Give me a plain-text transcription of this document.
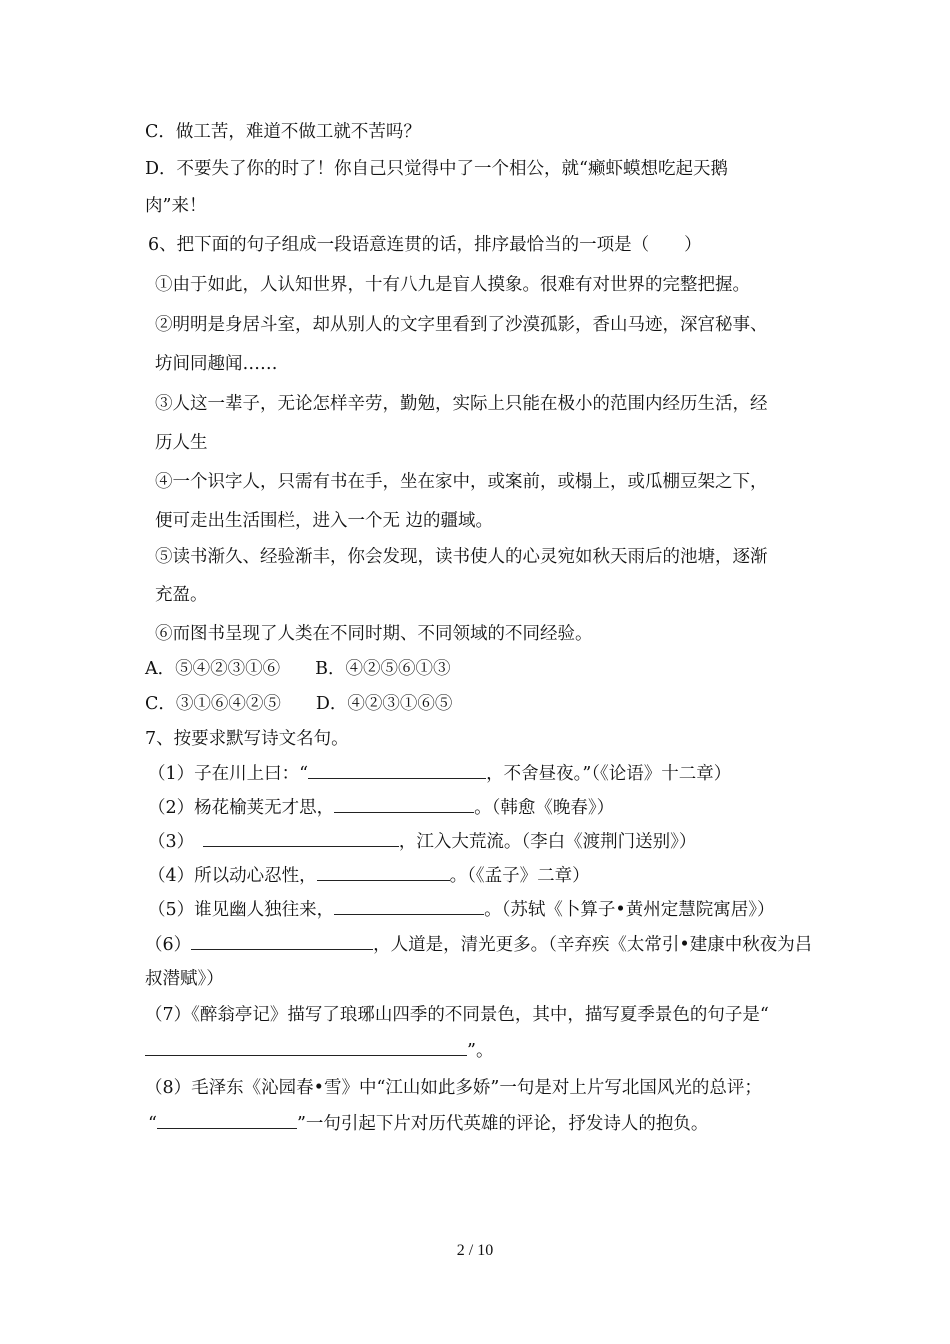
C．做工苦，难道不做工就不苦吗？
D．不要失了你的时了！你自己只觉得中了一个相公，就“癞虾蟆想吃起天鹅
肉”来！
6、把下面的句子组成一段语意连贯的话，排序最恰当的一项是（　　）
①由于如此，人认知世界，十有八九是盲人摸象。很难有对世界的完整把握。
②明明是身居斗室，却从别人的文字里看到了沙漠孤影，香山马迹，深宫秘事、
坊间同趣闻……
③人这一辈子，无论怎样辛劳，勤勉，实际上只能在极小的范围内经历生活，经
历人生
④一个识字人，只需有书在手，坐在家中，或案前，或榻上，或瓜棚豆架之下，
便可走出生活围栏，进入一个无 边的疆域。
⑤读书渐久、经验渐丰，你会发现，读书使人的心灵宛如秋天雨后的池塘，逐渐
充盈。
⑥而图书呈现了人类在不同时期、不同领域的不同经验。
A．⑤④②③①⑥　　B．④②⑤⑥①③
C．③①⑥④②⑤　　D．④②③①⑥⑤
7、按要求默写诗文名句。
（1）子在川上曰：“	，不舍昼夜。”（《论语》十二章）
（2）杨花榆荚无才思，	。（韩愈《晚春》）
（3）　	，江入大荒流。（李白《渡荆门送别》）
（4）所以动心忍性，	。（《孟子》二章）
（5）谁见幽人独往来，	。（苏轼《卜算子•黄州定慧院寓居》）
（6）	，人道是，清光更多。（辛弃疾《太常引•建康中秋夜为吕
叔潜赋》）
（7）《醉翁亭记》描写了琅琊山四季的不同景色，其中，描写夏季景色的句子是“
”。
（8）毛泽东《沁园春•雪》中“江山如此多娇”一句是对上片写北国风光的总评；
“	”一句引起下片对历代英雄的评论，抒发诗人的抱负。
2 / 10
